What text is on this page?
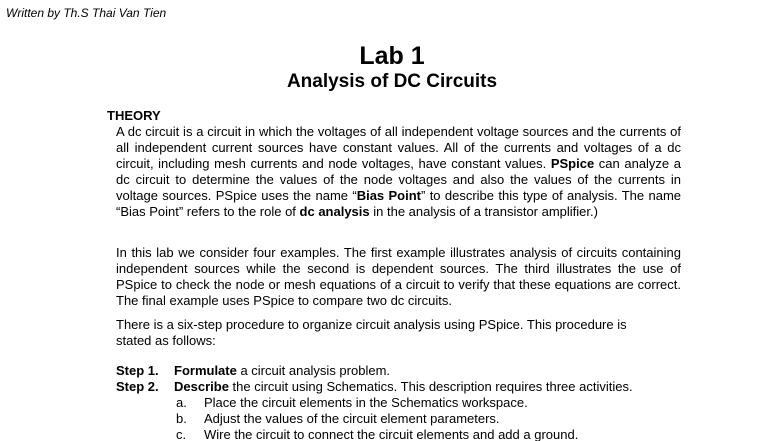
Written by Th.S Thai Van Tien
Lab 1
Analysis of DC Circuits
THEORY
A dc circuit is a circuit in which the voltages of all independent voltage sources and the currents of all independent current sources have constant values. All of the currents and voltages of a dc circuit, including mesh currents and node voltages, have constant values. PSpice can analyze a dc circuit to determine the values of the node voltages and also the values of the currents in voltage sources. PSpice uses the name “Bias Point” to describe this type of analysis. The name “Bias Point” refers to the role of dc analysis in the analysis of a transistor amplifier.)
In this lab we consider four examples. The first example illustrates analysis of circuits containing independent sources while the second is dependent sources. The third illustrates the use of PSpice to check the node or mesh equations of a circuit to verify that these equations are correct. The final example uses PSpice to compare two dc circuits.
There is a six-step procedure to organize circuit analysis using PSpice. This procedure is stated as follows:
Step 1.	Formulate a circuit analysis problem.
Step 2.	Describe the circuit using Schematics. This description requires three activities.
a.	Place the circuit elements in the Schematics workspace.
b.	Adjust the values of the circuit element parameters.
c.	Wire the circuit to connect the circuit elements and add a ground.
